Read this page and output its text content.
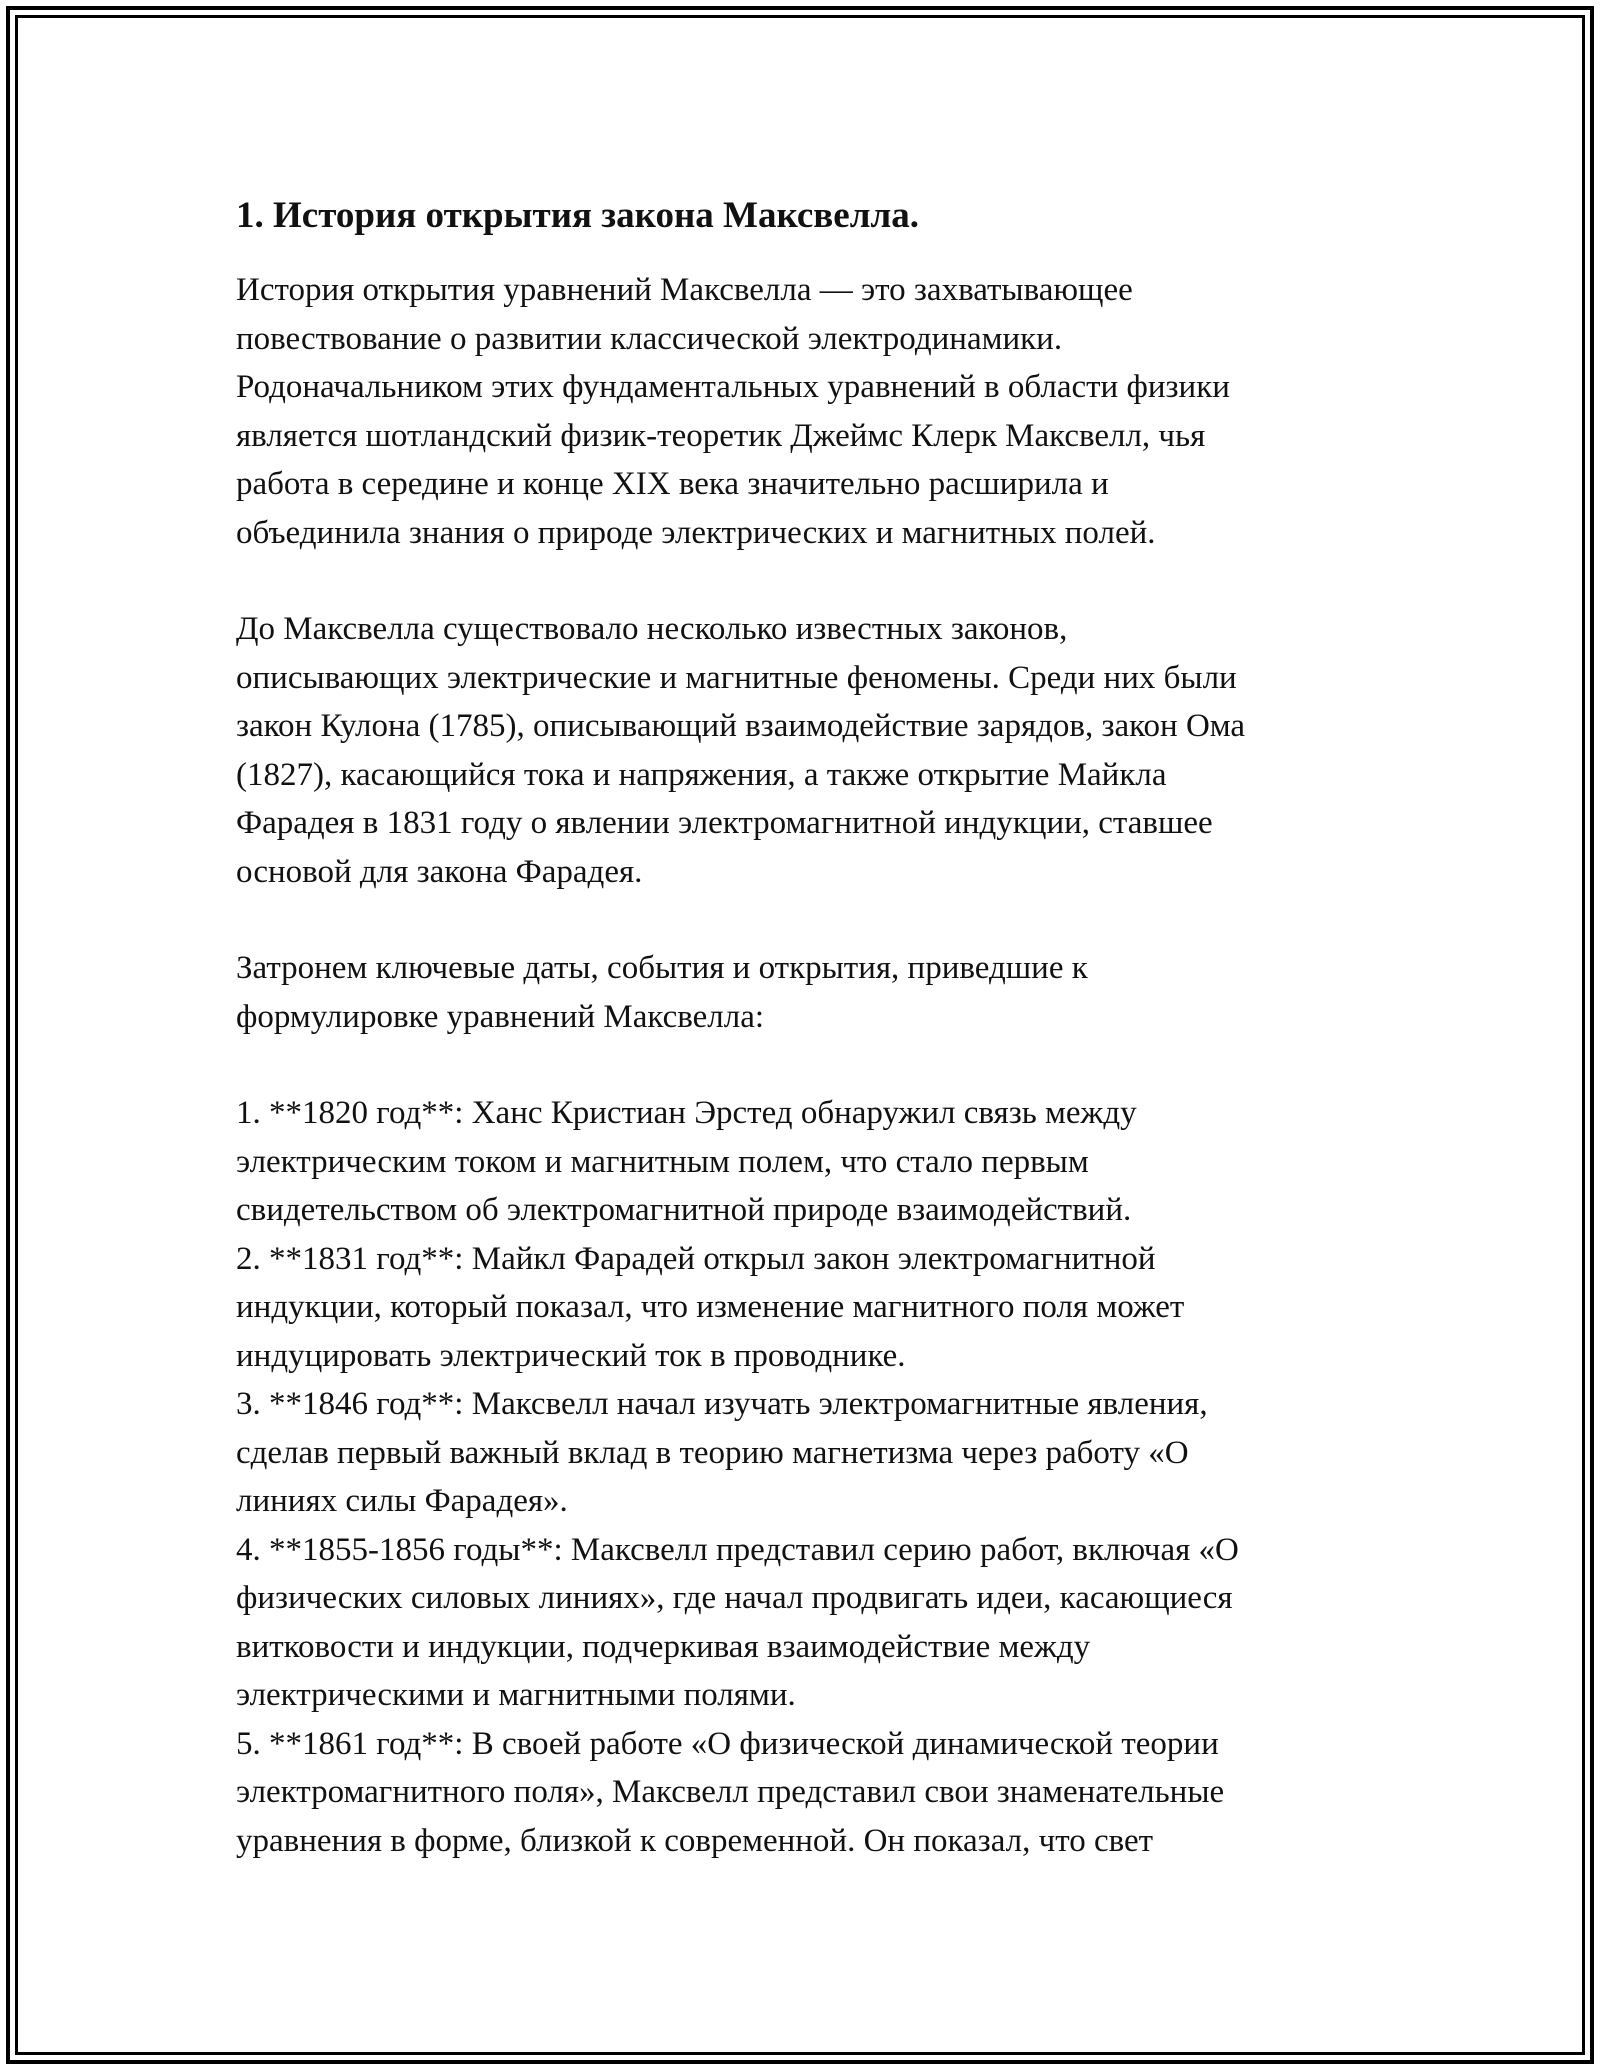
1. История открытия закона Максвелла.

История открытия уравнений Максвелла — это захватывающее
повествование о развитии классической электродинамики.
Родоначальником этих фундаментальных уравнений в области физики
является шотландский физик-теоретик Джеймс Клерк Максвелл, чья
работа в середине и конце XIX века значительно расширила и
объединила знания о природе электрических и магнитных полей.

До Максвелла существовало несколько известных законов,
описывающих электрические и магнитные феномены. Среди них были
закон Кулона (1785), описывающий взаимодействие зарядов, закон Ома
(1827), касающийся тока и напряжения, а также открытие Майкла
Фарадея в 1831 году о явлении электромагнитной индукции, ставшее
основой для закона Фарадея.

Затронем ключевые даты, события и открытия, приведшие к
формулировке уравнений Максвелла:

1. **1820 год**: Ханс Кристиан Эрстед обнаружил связь между
электрическим током и магнитным полем, что стало первым
свидетельством об электромагнитной природе взаимодействий.
2. **1831 год**: Майкл Фарадей открыл закон электромагнитной
индукции, который показал, что изменение магнитного поля может
индуцировать электрический ток в проводнике.
3. **1846 год**: Максвелл начал изучать электромагнитные явления,
сделав первый важный вклад в теорию магнетизма через работу «О
линиях силы Фарадея».
4. **1855-1856 годы**: Максвелл представил серию работ, включая «О
физических силовых линиях», где начал продвигать идеи, касающиеся
витковости и индукции, подчеркивая взаимодействие между
электрическими и магнитными полями.
5. **1861 год**: В своей работе «О физической динамической теории
электромагнитного поля», Максвелл представил свои знаменательные
уравнения в форме, близкой к современной. Он показал, что свет
